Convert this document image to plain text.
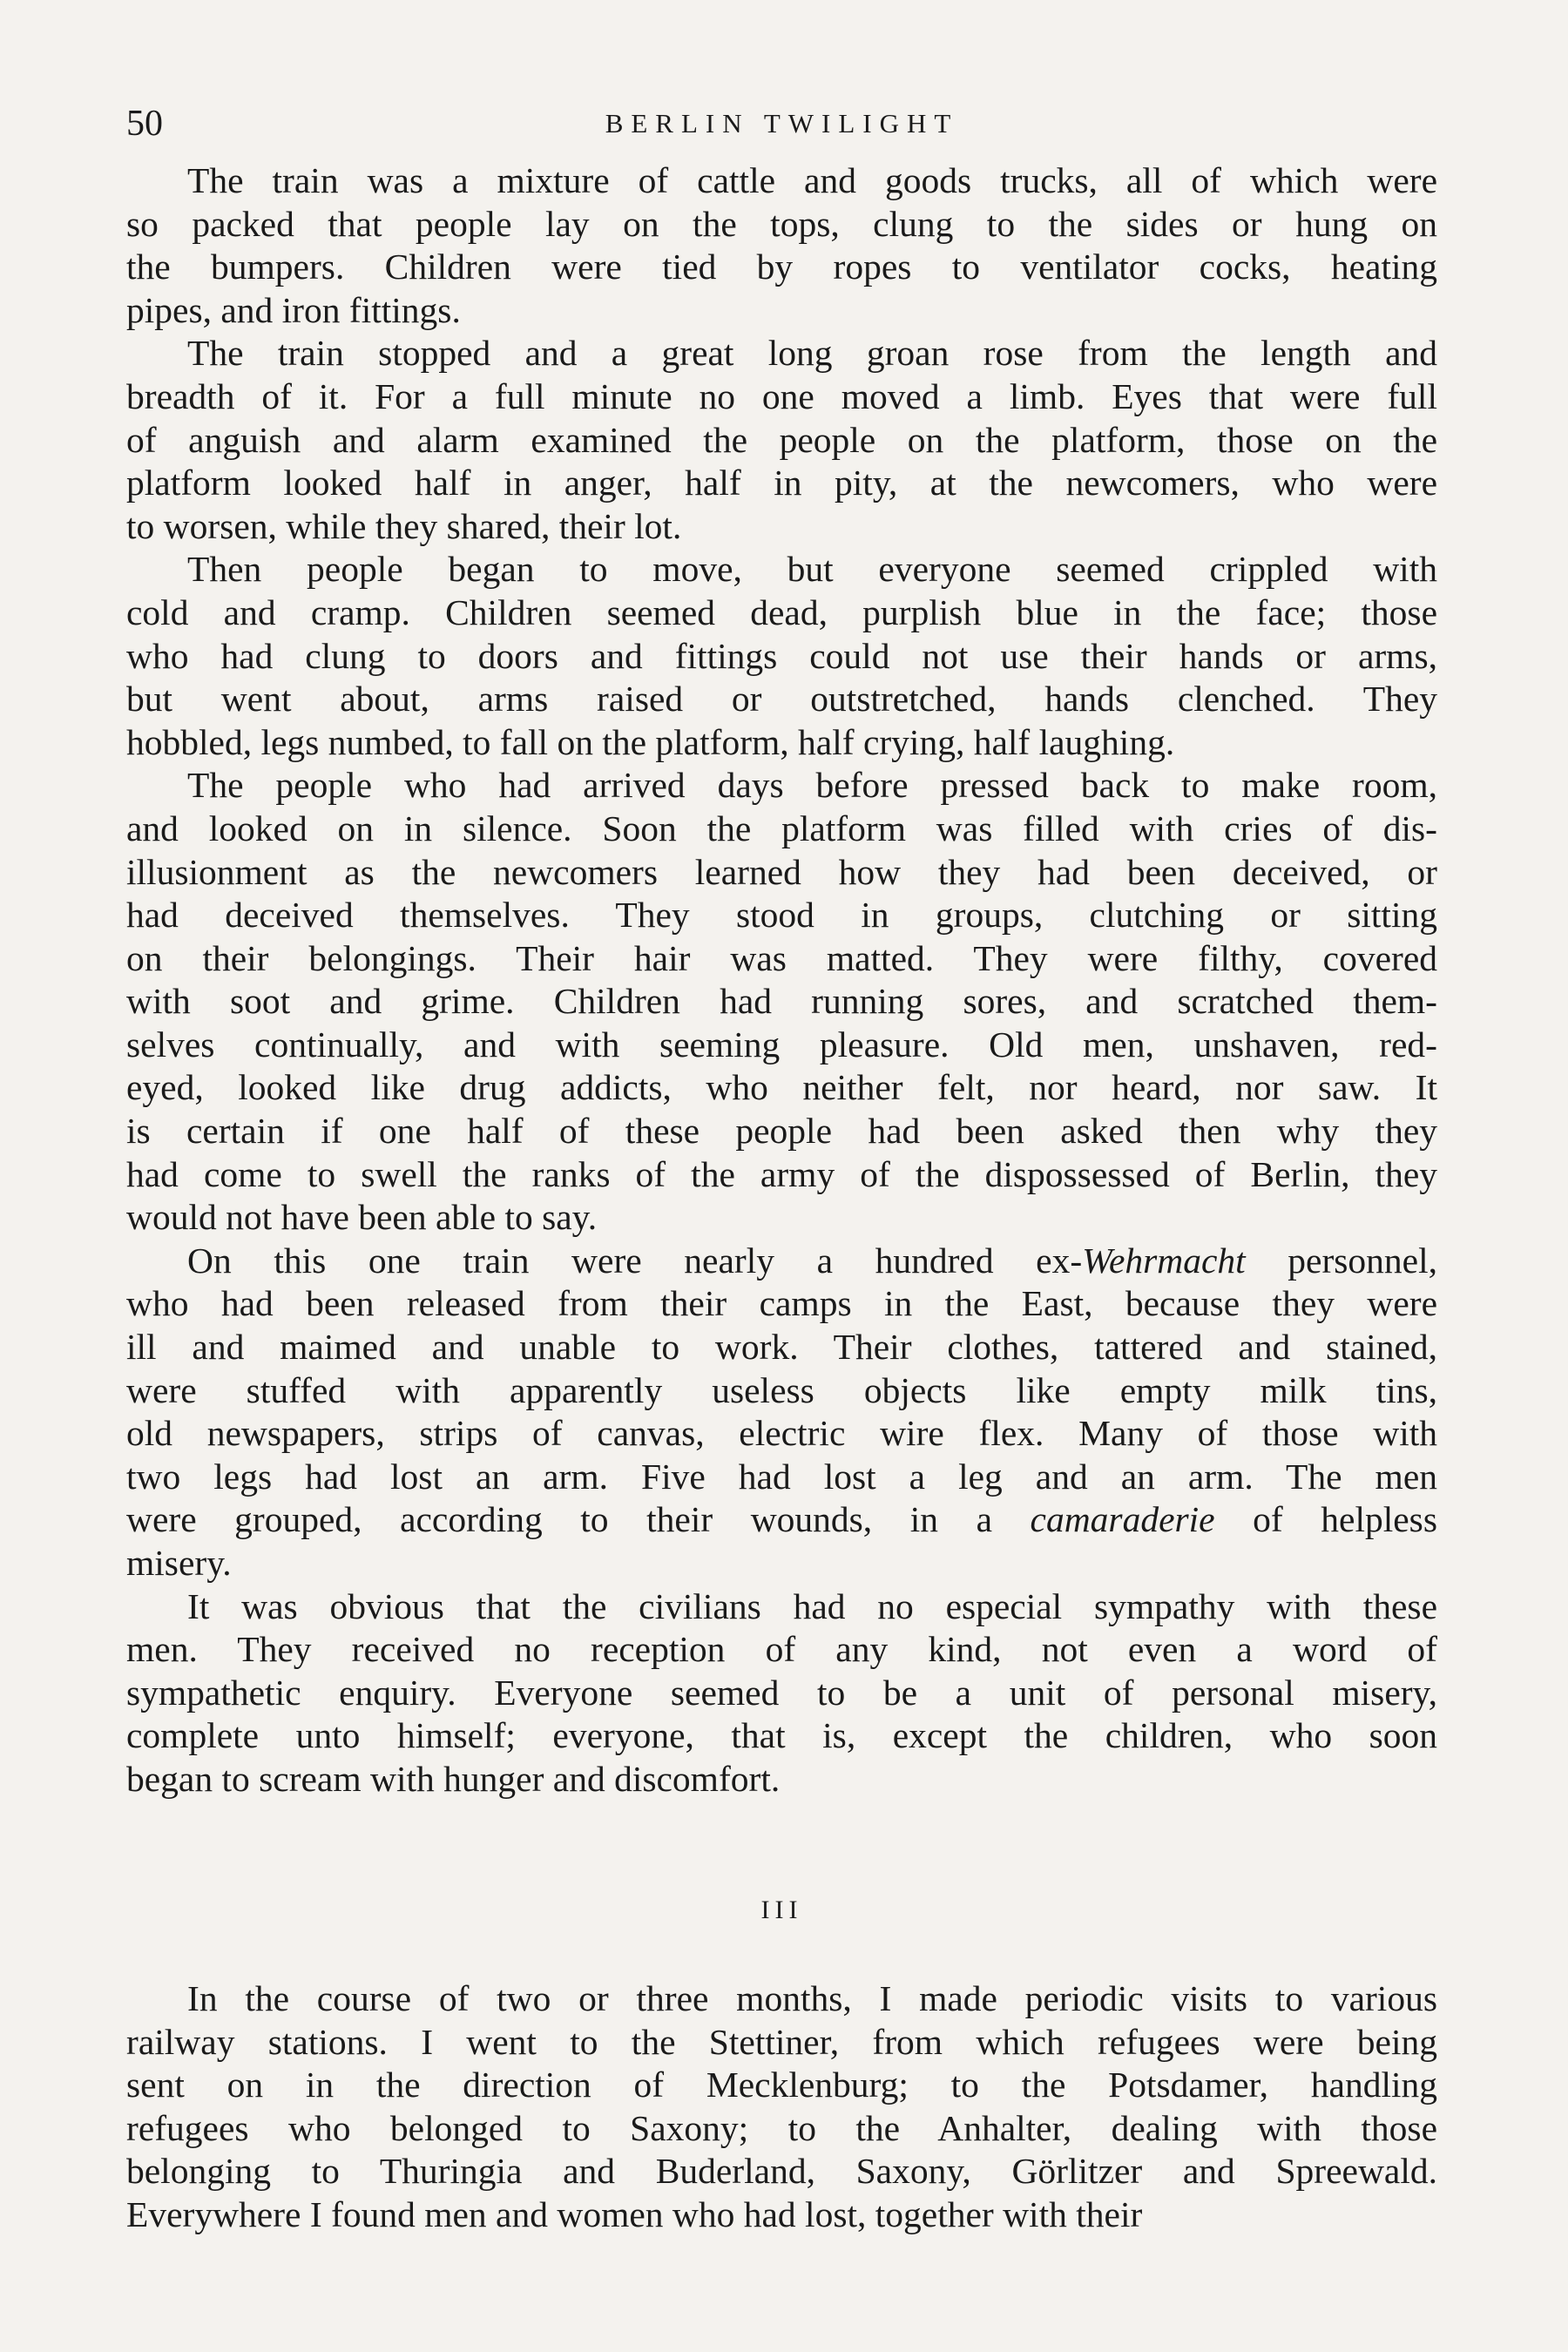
50	BERLIN TWILIGHT
The train was a mixture of cattle and goods trucks, all of which were
so packed that people lay on the tops, clung to the sides or hung on
the bumpers. Children were tied by ropes to ventilator cocks, heating
pipes, and iron fittings.
The train stopped and a great long groan rose from the length and
breadth of it. For a full minute no one moved a limb. Eyes that were full
of anguish and alarm examined the people on the platform, those on the
platform looked half in anger, half in pity, at the newcomers, who were
to worsen, while they shared, their lot.
Then people began to move, but everyone seemed crippled with
cold and cramp. Children seemed dead, purplish blue in the face; those
who had clung to doors and fittings could not use their hands or arms,
but went about, arms raised or outstretched, hands clenched. They
hobbled, legs numbed, to fall on the platform, half crying, half laughing.
The people who had arrived days before pressed back to make room,
and looked on in silence. Soon the platform was filled with cries of dis-
illusionment as the newcomers learned how they had been deceived, or
had deceived themselves. They stood in groups, clutching or sitting
on their belongings. Their hair was matted. They were filthy, covered
with soot and grime. Children had running sores, and scratched them-
selves continually, and with seeming pleasure. Old men, unshaven, red-
eyed, looked like drug addicts, who neither felt, nor heard, nor saw. It
is certain if one half of these people had been asked then why they
had come to swell the ranks of the army of the dispossessed of Berlin, they
would not have been able to say.
On this one train were nearly a hundred ex-Wehrmacht personnel,
who had been released from their camps in the East, because they were
ill and maimed and unable to work. Their clothes, tattered and stained,
were stuffed with apparently useless objects like empty milk tins,
old newspapers, strips of canvas, electric wire flex. Many of those with
two legs had lost an arm. Five had lost a leg and an arm. The men
were grouped, according to their wounds, in a camaraderie of helpless
misery.
It was obvious that the civilians had no especial sympathy with these
men. They received no reception of any kind, not even a word of
sympathetic enquiry. Everyone seemed to be a unit of personal misery,
complete unto himself; everyone, that is, except the children, who soon
began to scream with hunger and discomfort.
III
In the course of two or three months, I made periodic visits to various
railway stations. I went to the Stettiner, from which refugees were being
sent on in the direction of Mecklenburg; to the Potsdamer, handling
refugees who belonged to Saxony; to the Anhalter, dealing with those
belonging to Thuringia and Buderland, Saxony, Görlitzer and Spreewald.
Everywhere I found men and women who had lost, together with their
